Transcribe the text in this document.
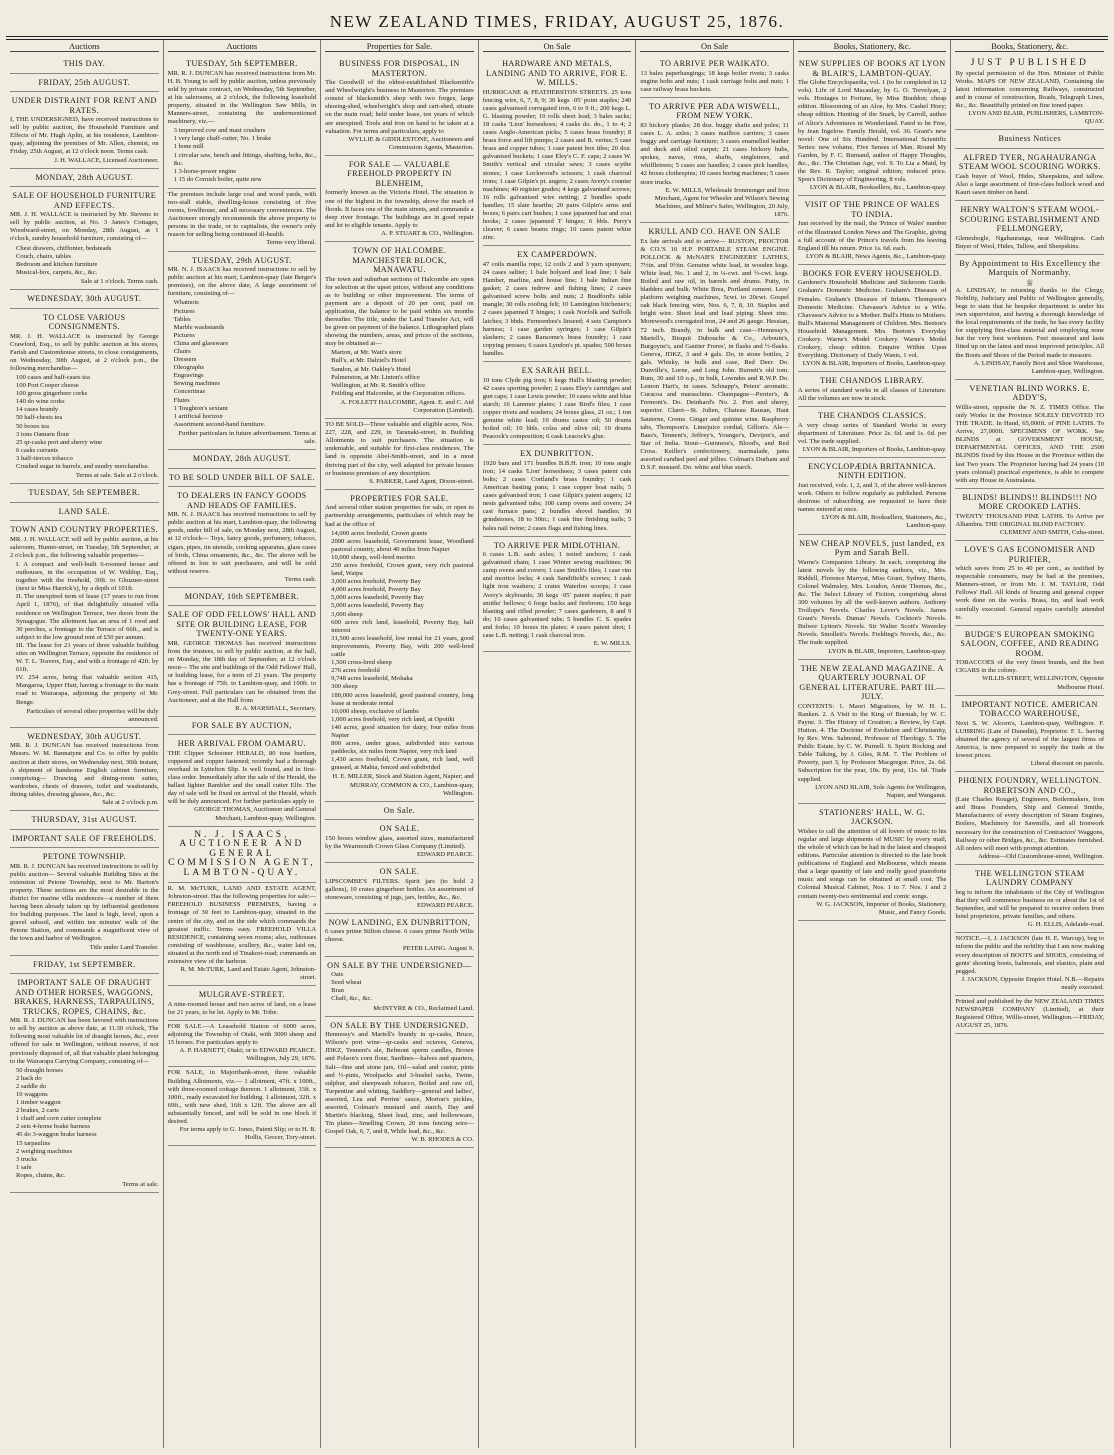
NEW ZEALAND TIMES, FRIDAY, AUGUST 25, 1876.
Auctions
THIS DAY.
FRIDAY, 25th AUGUST.
UNDER DISTRAINT FOR RENT AND RATES.
I, THE UNDERSIGNED, have received instructions to sell by public auction, the Household Furniture and Effects of Mr. Hugh Aplin, at his residence, Lambton-quay, adjoining the premises of Mr. Allen, chemist, on Friday, 25th August, at 12 o'clock noon. Terms cash.
J. H. WALLACE, Licensed Auctioneer.
MONDAY, 28th AUGUST.
SALE OF HOUSEHOLD FURNITURE AND EFFECTS.
MR. J. H. WALLACE is instructed by Mr. Stevens to sell by public auction, at No. 3 Janes's Cottages, Woodward-street, on Monday, 28th August, at 1 o'clock, sundry household furniture, consisting of—
Chest drawers, chiffonier, bedsteads
Couch, chairs, tables
Bedroom and kitchen furniture
Musical-box, carpets, &c., &c.
Sale at 1 o'clock. Terms cash.
WEDNESDAY, 30th AUGUST.
TO CLOSE VARIOUS CONSIGNMENTS.
MR. J. H. WALLACE is instructed by George Crawford, Esq., to sell by public auction at his stores, Farish and Customhouse streets, to close consignments, on Wednesday, 30th August, at 2 o'clock p.m., the following merchandise—
100 cases and half-cases tea
100 Port Cooper cheese
100 gross gingerbeer corks
140 do wine corks
14 cases brandy
50 half-chests tea
50 boxes tea
3 tons Oamaru flour
25 qr-casks port and sherry wine
6 casks currants
3 half-tierces tobacco
Crushed sugar in barrels, and sundry merchandise.
Terms at sale. Sale at 2 o'clock.
TUESDAY, 5th SEPTEMBER.
LAND SALE.
TOWN AND COUNTRY PROPERTIES.
MR. J. H. WALLACE will sell by public auction, at his saleroom, Hunter-street, on Tuesday, 5th September, at 2 o'clock p.m., the following valuable properties—
I. A compact and well-built 6-roomed house and outhouses, in the occupation of W. Widdop, Esq., together with the freehold, 30ft. to Ghuznee-street (next to Miss Harrick's), by a depth of 101ft.
II. The unexpired term of lease (17 years to run from April 1, 1876), of that delightfully situated villa residence on Wellington Terrace, two doors from the Synagogue. The allotment has an area of 1 rood and 30 perches, a frontage to the Terrace of 66ft., and is subject to the low ground rent of £50 per annum.
III. The lease for 21 years of three valuable building sites on Wellington Terrace, opposite the residence of W. T. L. Travers, Esq., and with a frontage of 42ft. by 61ft.
IV. 254 acres, being that valuable section 415, Mangaroa, Upper Hutt, having a frontage to the main road to Wairarapa, adjoining the property of Mr. Benge.
Particulars of several other properties will be duly announced.
WEDNESDAY, 30th AUGUST.
MR. R. J. DUNCAN has received instructions from Messrs. W. M. Bannatyne and Co. to offer by public auction at their stores, on Wednesday next, 30th instant, A shipment of handsome English cabinet furniture, comprising— Drawing and dining-room suites, wardrobes, chests of drawers, toilet and washstands, dining tables, dressing glasses, &c., &c.
Sale at 2 o'clock p.m.
THURSDAY, 31st AUGUST.
IMPORTANT SALE OF FREEHOLDS.
PETONE TOWNSHIP.
MR. R. J. DUNCAN has received instructions to sell by public auction— Several valuable Building Sites at the extension of Petone Township, next to Mr. Barton's property. These sections are the most desirable in the district for marine villa residences—a number of them having been already taken up by influential gentlemen for building purposes. The land is high, level, upon a gravel subsoil, and within ten minutes' walk of the Petone Station, and commands a magnificent view of the town and harbor of Wellington.
Title under Land Transfer.
FRIDAY, 1st SEPTEMBER.
IMPORTANT SALE OF DRAUGHT AND OTHER HORSES, WAGGONS, BRAKES, HARNESS, TARPAULINS, TRUCKS, ROPES, CHAINS, &c.
MR. R. J. DUNCAN has been favored with instructions to sell by auction as above date, at 11.30 o'clock, The following most valuable lot of draught horses, &c., ever offered for sale in Wellington, without reserve, if not previously disposed of, all that valuable plant belonging to the Wairarapa Carrying Company, consisting of—
50 draught horses
2 hack do
2 saddle do
10 waggons
1 timber waggon
2 brakes, 2 carts
1 chaff and corn cutter complete
2 sets 4-horse brake harness
45 do 3-waggon brake harness
15 tarpaulins
2 weighing machines
3 trucks
1 safe
Ropes, chains, &c.
Terms at sale.
Auctions
TUESDAY, 5th SEPTEMBER.
MR. R. J. DUNCAN has received instructions from Mr. H. B. Young to sell by public auction, unless previously sold by private contract, on Wednesday, 5th September, at his salerooms, at 2 o'clock, the following leasehold property, situated in the Wellington Saw Mills, in Manners-street, containing the undermentioned machinery, viz.—
3 improved cow and mast crushers
1 very large chaff-cutter, No. 1 brake
1 bone mill
1 circular saw, bench and fittings, shafting, belts, &c., &c.
1 3-horse-power engine
1 15 do Cornish boiler, quite new
The premises include large coal and wood yards, with two-stall stable, dwelling-house consisting of five rooms, fowlhouse, and all necessary conveniences. The Auctioneer strongly recommends the above property to persons in the trade, or to capitalists, the owner's only reason for selling being continued ill-health.
Terms very liberal.
TUESDAY, 29th AUGUST.
MR. N. J. ISAACS has received instructions to sell by public auction at his mart, Lambton-quay (late Berger's premises), on the above date, A large assortment of furniture, consisting of—
Whatnots
Pictures
Tables
Marble washstands
Pictures
China and glassware
Chairs
Dressers
Oleographs
Engravings
Sewing machines
Concertinas
Flutes
1 Toughton's sextant
1 artificial horizon
Assortment second-hand furniture.
Further particulars in future advertisement. Terms at sale.
MONDAY, 28th AUGUST.
TO BE SOLD UNDER BILL OF SALE.
TO DEALERS IN FANCY GOODS AND HEADS OF FAMILIES.
MR. N. J. ISAACS has received instructions to sell by public auction at his mart, Lambton-quay, the following goods, under bill of sale, on Monday next, 28th August, at 12 o'clock— Toys, fancy goods, perfumery, tobacco, cigars, pipes, tin utensils, cooking apparatus, glass cases of birds, China ornaments, &c., &c. The above will be offered in lots to suit purchasers, and will be sold without reserve.
Terms cash.
MONDAY, 10th SEPTEMBER.
SALE OF ODD FELLOWS' HALL AND SITE OR BUILDING LEASE, FOR TWENTY-ONE YEARS.
MR. GEORGE THOMAS has received instructions from the trustees, to sell by public auction, at the hall, on Monday, the 18th day of September, at 12 o'clock noon— The site and buildings of the Odd Fellows' Hall, or building lease, for a term of 21 years. The property has a frontage of 75ft. to Lambton-quay, and 100ft. to Grey-street. Full particulars can be obtained from the Auctioneer, and at the Hall from
R. A. MARSHALL, Secretary.
FOR SALE BY AUCTION,
HER ARRIVAL FROM OAMARU.
THE Clipper Schooner HERALD, 80 tons burthen, coppered and copper fastened; recently had a thorough overhaul in Lyttelton Slip. Is well found, and in first-class order. Immediately after the sale of the Herald, the ballast lighter Rambler and the small cutter Elfe. The day of sale will be fixed on arrival of the Herald, which will be duly announced. For further particulars apply to
GEORGE THOMAS, Auctioneer and General Merchant, Lambton-quay, Wellington.
N. J. ISAACS, AUCTIONEER AND GENERAL COMMISSION AGENT, LAMBTON-QUAY.
R. M. McTURK, LAND AND ESTATE AGENT, Johnston-street. Has the following properties for sale:— FREEHOLD BUSINESS PREMISES, having a frontage of 30 feet to Lambton-quay, situated in the centre of the city, and on the side which commands the greatest traffic. Terms easy. FREEHOLD VILLA RESIDENCE, containing seven rooms; also, outhouses consisting of washhouse, scullery, &c., water laid on, situated at the north end of Tinakori-road; commands an extensive view of the harbour.
R. M. McTURK, Land and Estate Agent, Johnston-street.
MULGRAVE-STREET.
A nine-roomed house and two acres of land, on a lease for 21 years, to be let. Apply to Mr. Tribe.
FOR SALE.—A Leasehold Station of 6000 acres, adjoining the Township of Otaki, with 3000 sheep and 15 horses. For particulars apply to
A. P. HARNETT, Otaki; or to EDWARD PEARCE. Wellington, July 29, 1876.
FOR SALE, in Majoribank-street, three valuable Building Allotments, viz.— 1 allotment, 47ft. x 100ft., with three-roomed cottage thereon. 1 allotment, 33ft. x 100ft., ready excavated for building. 1 allotment, 32ft. x 69ft., with new shed, 16ft x 12ft. The above are all substantially fenced, and will be sold in one block if desired.
For terms apply to G. Jones, Patent Slip; or to H. B. Hollis, Grocer, Tory-street.
Properties for Sale.
BUSINESS FOR DISPOSAL, IN MASTERTON.
The Goodwill of the oldest-established Blacksmith's and Wheelwright's business in Masterton. The premises consist of blacksmith's shop with two forges, large shoeing-shed, wheelwright's shop and cart-shed, situate on the main road; held under lease, ten years of which are unexpired. Tools and iron on hand to be taken at a valuation. For terms and particulars, apply to
WYLLIE & GIDDLESTONE, Auctioneers and Commission Agents, Masterton.
FOR SALE — VALUABLE FREEHOLD PROPERTY IN BLENHEIM,
formerly known as the Victoria Hotel. The situation is one of the highest in the township, above the reach of floods. It faces one of the main streets, and commands a deep river frontage. The buildings are in good repair and let to eligible tenants. Apply to
A. P. STUART & CO., Wellington.
TOWN OF HALCOMBE. MANCHESTER BLOCK, MANAWATU.
The town and suburban sections of Halcombe are open for selection at the upset prices, without any conditions as to building or other improvement. The terms of payment are a deposit of 20 per cent, paid on application, the balance to be paid within six months thereafter. The title, under the Land Transfer Act, will be given on payment of the balance. Lithographed plans showing the numbers, areas, and prices of the sections, may be obtained at—
Marton, at Mr. Watt's store
Bull's, at Mr. Dalziel's Hotel
Sandon, at Mr. Oakley's Hotel
Palmerston, at Mr. Linton's office
Wellington, at Mr. R. Smith's office
Feilding and Halcombe, at the Corporation offices.
A. FOLLETT HALCOMBE, Agent. E. and C. Aid Corporation (Limited).
TO BE SOLD—Three valuable and eligible acres, Nos. 227, 228, and 229, in Taranaki-street, in Building Allotments to suit purchasers. The situation is undeniable, and suitable for first-class residences. The land is opposite Abel-Smith-street, and in a most thriving part of the city, well adapted for private houses or business premises of any description.
S. PARKER, Land Agent, Dixon-street.
PROPERTIES FOR SALE.
And several other station properties for sale, or open to partnership arrangements, particulars of which may be had at the office of
14,000 acres freehold, Crown grants
2000 acres leasehold, Government lease, Woodland pastoral country, about 40 miles from Napier
10,000 sheep, well-bred merino
250 acres freehold, Crown grant, very rich pastoral land, Waipu
3,000 acres freehold, Poverty Bay
4,000 acres freehold, Poverty Bay
5,000 acres leasehold, Poverty Bay
5,000 acres leasehold, Poverty Bay
3,000 sheep
600 acres rich land, leasehold, Poverty Bay, half interest
31,500 acres leasehold, low rental for 21 years, good improvements, Poverty Bay, with 200 well-bred cattle
1,500 cross-bred sheep
276 acres freehold
9,748 acres leasehold, Mohaka
300 sheep
180,000 acres leasehold, good pastoral country, long lease at moderate rental
10,000 sheep, exclusive of lambs
1,000 acres freehold, very rich land, at Opotiki
140 acres, good situation for dairy, four miles from Napier
800 acres, under grass, subdivided into various paddocks, six miles from Napier, very rich land
1,430 acres freehold, Crown grant, rich land, well grassed, at Mahia, fenced and subdivided
H. E. MILLER, Stock and Station Agent, Napier; and MURRAY, COMMON & CO., Lambton-quay, Wellington.
On Sale.
ON SALE.
150 boxes window glass, assorted sizes, manufactured by the Wearmouth Crown Glass Company (Limited).
EDWARD PEARCE.
ON SALE.
LIPSCOMBE'S FILTERS. Spirit jars (to hold 2 gallons), 10 crates gingerbeer bottles. An assortment of stoneware, consisting of jugs, jars, bottles, &c., &c.
EDWARD PEARCE.
NOW LANDING, EX DUNBRITTON,
6 cases prime Stilton cheese. 6 cases prime North Wilts cheese.
PETER LAING. August 9.
ON SALE BY THE UNDERSIGNED—
Oats
Seed wheat
Bran
Chaff, &c., &c.
McINTYRE & CO., Reclaimed Land.
ON SALE BY THE UNDERSIGNED.
Hennessy's and Martell's brandy in qr-casks, Bruce, Wilson's port wine—qr-casks and octaves, Geneva, JDKZ, Tennent's ale, Belmont sperm candles, Brown and Polson's corn flour, Sardines—halves and quarters, Salt—fine and stone jars, Oil—salad and castor, pints and ½-pints, Woolpacks and 3-bushel sacks, Twine, sulphur, and sheepwash tobacco, Boiled and raw oil, Turpentine and whiting, Saddlery—general and ladies', assorted, Lea and Perrins' sauce, Morton's pickles, assorted, Colman's mustard and starch, Day and Martin's blacking, Sheet lead, zinc, and hollowware, Tin plates—Smelling Crown, 20 tons fencing wire—Gospel Oak, 6, 7, and 8, While lead, &c., &c.
W. B. RHODES & CO.
On Sale
HARDWARE AND METALS, LANDING AND TO ARRIVE, FOR E. W. MILLS.
HURRICANE & FEATHERSTON STREETS. 25 tons fencing wire, 6, 7, 8, 9; 30 kegs ·05' point staples; 240 cases galvanised corrugated iron, 6 to 9 ft.; 200 kegs L. G. blasting powder; 10 rolls sheet lead; 3 bales sacks; 18 casks 'Lion' horseshoes; 4 casks do. do., 1 to 4; 2 cases Anglo-American picks; 5 cases brass foundry; 8 brass force and lift pumps; 2 cases and B. vertus; 5 case brass and copper tubes; 1 case patent box tiles; 20 doz. galvanised buckets; 1 case Eley's C. F. caps; 2 cases W. Smith's vertical and circular saws; 3 cases scythe stones; 1 case Lockwood's scissors; 1 cask charcoal irons; 1 case Gilpin's pt. augers; 2 cases Avery's counter machines; 40 register grades; 4 kegs galvanised screws; 16 rolls galvanised wire netting; 2 bundles spade handles; 15 slate hearths; 20 pairs Gilpin's arms and boxes; 6 pairs cart bushes; 1 case japanned hat and coat hooks; 2 cases japanned T hinges; 6 bbls. Perry's cleaver; 6 cases beams rings; 10 cases patent white zinc.
EX CAMPERDOWN.
47 coils manilla rope; 12 coils 2 and 3 yarn spunyarn; 24 cases saltier; 1 bale holyard and lead line; 1 bale Hamber, marline, and house line; 1 bale Indian fine gasket; 2 cases tedrow and fishing lines; 2 cases galvanised screw bolts and nuts; 2 Bradford's table mangle; 30 rolls roofing felt; 10 Lamington bitchener's; 2 cases japanned T hinges; 1 cask Norfolk and Suffolk latches; 3 bbds. Fernoenbes's linseed; 4 sets Campion's harness; 1 case garden syringes; 1 case Gilpin's slashers; 2 cases Ransome's brass foundry; 1 case copying presses; 6 cases Lyndon's pt. spades; 500 boxes handles.
EX SARAH BELL.
10 tons Clyde pig iron; 6 kegs Hall's blasting powder; 42 cases sporting powder; 2 cases Eley's cartridges and gun caps; 1 case Lewis powder; 10 cases white and blue starch; 16 Lammor plates; 1 case Bird's files; 1 case copper rivets and washers; 24 boxes glass, 21 oz.; 1 ton genuine white lead; 10 drums castor oil; 50 drums boiled oil; 10 bbls. colza and olive oil; 10 drums Peacock's composition; 6 cask Leacock's glue.
EX DUNBRITTON.
1920 bars and 171 bundles B.B.H. iron; 10 tons angle iron; 14 casks 'Lion' horseshoes; 3 cases patent cuts bolts; 2 cases Cortland's brass foundry; 1 cask American basting pans; 1 case copper boat nails; 5 cases galvanised iron; 1 case Gilpin's patent augers; 12 nests galvanised tubs; 100 camp ovens and covers; 24 cast furnace pans; 2 bundles shovel handles; 30 grindstones, 18 to 30in.; 1 cask fine finishing nails; 5 bales nail twine; 2 cases flags and fishing lines.
TO ARRIVE PER MIDLOTHIAN.
6 cases L.B. sash axles; 1 tested anchors; 1 cask galvanised chain; 1 case Winter sewing machines; 96 camp ovens and covers; 1 case Smith's files; 1 case rim and mortice locks; 4 cask Sandifield's screws; 1 cask light iron washers; 2 crates Waterloo scoops; 1 case Avery's skyboards; 30 kegs ·05' patent staples; 8 pair smiths' bellows; 6 forge backs and firebrons; 150 kegs blasting and rifled powder; 7 cases gardeners, 8 and 9 do; 10 cases galvanised tubs; 5 bundles C. S. spades and forks; 10 boxes tin plates; 4 cases patent shot; 1 case L.B. netting; 1 cask charcoal iron.
E. W. MILLS.
On Sale
TO ARRIVE PER WAIKATO.
13 bales paperhangings; 18 kegs boiler rivets; 3 casks engine bolts and nuts; 1 cask carriage bolts and nuts; 1 case railway brass buckets.
TO ARRIVE PER ADA WISWELL, FROM NEW YORK.
83 hickory planks; 28 doz. buggy shafts and poles; 11 cases L. A. axles; 3 cases mailbox carriers; 3 cases buggy and carriage furniture; 3 cases enamelled leather and duck and oiled carpet; 21 cases hickory hubs, spokes, naves, rims, shafts, singletrees, and whiffletrees; 5 cases axe handles; 2 cases pick handles; 42 boxes clothespins; 10 cases boring machines; 5 cases store trucks.
E. W. MILLS, Wholesale Ironmonger and Iron Merchant, Agent for Wheeler and Wilson's Sewing Machines, and Milner's Safes, Wellington, 20 July, 1876.
KRULL AND CO. HAVE ON SALE
Ex late arrivals and to arrive— RUSTON, PROCTOR & CO.'S 10 H.P. PORTABLE STEAM ENGINE. POLLOCK & McNAB'S ENGINEERS' LATHES, 7½in. and 9½in. Genuine white lead, in wooden kegs. White lead, No. 1 and 2, in ¼-cwt. and ½-cwt. kegs. Boiled and raw oil, in barrels and drums. Putty, in bladders and bulk. White Brea, Portland cement. Lees' platform weighing machines, 5cwt. to 20cwt. Gospel oak black fencing wire, Nos. 6, 7, 8, 10. Staples and bright wire. Sheet lead and lead piping. Sheet zinc. Morewood's corrugated iron, 24 and 26 gauge. Hessian, 72 inch. Brandy, in bulk and case—Hennessy's, Martell's, Bisquit Dubouche & Co., Arbouin's, Burgoyne's, and Gautier Freres', in flasks and ½-flasks. Geneva, JDKZ, 3 and 4 gals. Do, in stone bottles, 2 gals. Whisky, in bulk and case, Red Deer. Do. Dunville's, Lorne, and Long John. Burnett's old tom. Rum, 30 and 10 o.p., in bulk, Lowndes and R.W.P. Do. Lemon Hart's, in cases. Schnapp's, Peters' aromatic. Curacoa and maraschino. Champagne—Perrier's, & Fremont's. Do. Deinhard's No. 2. Port and sherry, superior. Claret—St. Julien, Chateau Rausan, Haut Sauterne, Creme. Ginger and quinine wine. Raspberry tabs, Thompson's. Limejuice cordial, Gillon's. Ale—Bass's, Tennent's, Jeffrey's, Younger's, Devijon's, and Star of India. Stout—Guinness's, Blood's, and Red Cross. Keiller's confectionery, marmalade, jams assorted candied peel and jellies. Colman's Durham and D.S.F. mustard. Do. white and blue starch.
Books, Stationery, &c.
NEW SUPPLIES OF BOOKS AT LYON & BLAIR'S, LAMBTON-QUAY.
The Globe Encyclopaedia, vol. 1 (to be completed in 12 vols). Life of Lord Macaulay, by G. O. Trevelyan, 2 vols. Hostages to Fortune, by Miss Braddon; cheap edition. Blossoming of an Aloe, by Mrs. Cashel Hoey; cheap edition. Hunting of the Snark, by Carroll, author of Alice's Adventures in Wonderland. Fated to be Free, by Jean Ingelow. Family Herald, vol. 36. Grant's new novel: One of Six Hundred. International Scientific Series: new volume, Five Senses of Man. Round My Garden, by F. C. Burnand, author of Happy Thoughts, &c., &c. The Christian Age, vol. 9. To Lia a Maid, by the Rev. R. Taylor; original edition; reduced price. Spon's Dictionary of Engineering, 8 vols.
LYON & BLAIR, Booksellers, &c., Lambton-quay.
VISIT OF THE PRINCE OF WALES TO INDIA.
Just received by the mail, the 'Prince of Wales' number of the Illustrated London News and The Graphic, giving a full account of the Prince's travels from his leaving England till his return. Price 1s. 6d. each.
LYON & BLAIR, News Agents, &c., Lambton-quay.
BOOKS FOR EVERY HOUSEHOLD.
Gardener's Household Medicine and Sickroom Guide. Graham's Domestic Medicine. Graham's Diseases of Females. Graham's Diseases of Infants. Thompson's Domestic Medicine. Chavasse's Advice to a Wife. Chavasse's Advice to a Mother. Bull's Hints to Mothers. Bull's Maternal Management of Children. Mrs. Beeton's Household Management. Mrs. Beeton's Everyday Cookery. Warne's Model Cookery. Warne's Model Cookery, cheap edition. Enquire Within Upon Everything. Dictionary of Daily Wants, 1 vol.
LYON & BLAIR, Importers of Books, Lambton-quay.
THE CHANDOS LIBRARY.
A series of standard works in all classes of Literature. All the volumes are now in stock.
THE CHANDOS CLASSICS.
A very cheap series of Standard Works in every department of Literature. Price 2s. 6d. and 1s. 6d. per vol. The trade supplied.
LYON & BLAIR, Importers of Books, Lambton-quay.
ENCYCLOPÆDIA BRITANNICA. NINTH EDITION.
Just received, vols. 1, 2, and 3, of the above well-known work. Others to follow regularly as published. Persons desirous of subscribing are requested to have their names entered at once.
LYON & BLAIR, Booksellers, Stationers, &c., Lambton-quay.
NEW CHEAP NOVELS, just landed, ex Pym and Sarah Bell.
Warne's Companion Library. In each, comprising the latest novels by the following authors, viz., Mrs. Riddell, Florence Marryat, Miss Grant, Sydney Harris, Colonel Walmsley, Mrs. Loudon, Annie Thomas, &c., &c. The Select Library of Fiction, comprising about 300 volumes by all the well-known authors. Anthony Trollope's Novels. Charles Lever's Novels. James Grant's Novels. Dumas' Novels. Cockton's Novels. Bulwer Lytton's Novels. Sir Walter Scott's Waverley Novels. Smollett's Novels. Fielding's Novels, &c., &c. The trade supplied.
LYON & BLAIR, Importers, Lambton-quay.
THE NEW ZEALAND MAGAZINE. A QUARTERLY JOURNAL OF GENERAL LITERATURE. PART III.—JULY.
CONTENTS: 1. Maori Migrations, by W. H. L. Ranken. 2. A Visit to the King of Burmah, by W. C. Payne. 3. The History of Creation; a Review, by Capt. Hutton. 4. The Doctrine of Evolution and Christianity, by Rev. Wm. Salmond, Professor of Theology. 5. The Public Estate, by C. W. Purnell. 6. Spirit Rocking and Table Talking, by J. Giles, R.M. 7. The Problem of Poverty, part 3, by Professor Macgregor. Price, 2s. 6d. Subscription for the year, 10s. By post, 11s. 6d. Trade supplied.
LYON AND BLAIR, Sole Agents for Wellington, Napier, and Wanganui.
STATIONERS' HALL, W. G. JACKSON.
Wishes to call the attention of all lovers of music to his regular and large shipments of MUSIC by every mail, the whole of which can be had in the latest and cheapest editions. Particular attention is directed to the late book publications of England and Melbourne, which means that a large quantity of late and really good pianoforte music and songs can be obtained at small cost. The Colonial Musical Cabinet, Nos. 1 to 7. Nos. 1 and 2 contain twenty-two sentimental and comic songs.
W. G. JACKSON, Importer of Books, Stationery, Music, and Fancy Goods.
Books, Stationery, &c.
JUST PUBLISHED
By special permission of the Hon. Minister of Public Works. MAPS OF NEW ZEALAND, Containing the latest information concerning Railways, constructed and in course of construction, Roads, Telegraph Lines, &c., &c. Beautifully printed on fine toned paper.
LYON AND BLAIR, PUBLISHERS, LAMBTON-QUAY.
Business Notices
ALFRED TYER, NGAHAURANGA STEAM WOOL SCOURING WORKS.
Cash buyer of Wool, Hides, Sheepskins, and tallow. Also a large assortment of first-class bullock wood and Kauri sawn timber on hand.
HENRY WALTON'S STEAM WOOL-SCOURING ESTABLISHMENT AND FELLMONGERY,
Glenesbogle, Ngahauranga, near Wellington. Cash Buyer of Wool, Hides, Tallow, and Sheepskins.
By Appointment to His Excellency the Marquis of Normanby.
♕
A. LINDSAY, in returning thanks to the Clergy, Nobility, Judiciary and Public of Wellington generally, begs to state that he bespoke department is under his own supervision, and having a thorough knowledge of the local requirements of the trade, he has every facility for supplying first-class material and employing none but the very best workmen. Feet measured and lasts fitted up on the latest and most improved principles. All the Boots and Shoes of the Period made to measure.
A. LINDSAY, Family Boot and Shoe Warehouse, Lambton-quay, Wellington.
VENETIAN BLIND WORKS. E. ADDY'S,
Willis-street, opposite the N. Z. TIMES Office. The only Works in the Province SOLELY DEVOTED TO THE TRADE. In Hand, 65,000ft. of PINE LATHS. To Arrive, 27,000ft. SPECIMENS OF WORK. See BLINDS at GOVERNMENT HOUSE, DEPARTMENTAL OFFICES, AND THE 2500 BLINDS fixed by this House in the Province within the last Two years. The Proprietor having had 24 years (10 years colonial) practical experience, is able to compete with any House in Australasia.
BLINDS! BLINDS!! BLINDS!!! NO MORE CROOKED LATHS.
TWENTY THOUSAND PINE LATHS. To Arrive per Alhambra. THE ORIGINAL BLIND FACTORY.
CLEMENT AND SMITH, Cuba-street.
LOVE'S GAS ECONOMISER AND PURIFIER,
which saves from 25 to 40 per cent., as testified by respectable consumers, may be had at the premises, Manners-street, or from Mr. J. M. TAYLOR, Odd Fellows' Hall. All kinds of brazing and general copper work done on the works. Brass, tin, and lead work carefully executed. General repairs carefully attended to.
BUDGE'S EUROPEAN SMOKING SALOON, COFFEE, AND READING ROOM.
TOBACCOES of the very finest brands, and the best CIGARS in the colony.
WILLIS-STREET, WELLINGTON, Opposite Melbourne Hotel.
IMPORTANT NOTICE. AMERICAN TOBACCO WAREHOUSE,
Next S. W. Alcorn's, Lambton-quay, Wellington. F. LUHRING (Late of Dunedin), Proprietor. F. L. having obtained the agency of several of the largest firms of America, is now prepared to supply the trade at the lowest prices.
Liberal discount on parcels.
PHŒNIX FOUNDRY, WELLINGTON. ROBERTSON AND CO.,
(Late Charles Rouget), Engineers, Boilermakers, Iron and Brass Founders, Ship and General Smiths, Manufacturers of every description of Steam Engines, Boilers, Machinery for Sawmills, and all Ironwork necessary for the construction of Contractors' Waggons, Railway or other Bridges, &c., &c. Estimates furnished. All orders will meet with prompt attention.
Address—Old Customhouse-street, Wellington.
THE WELLINGTON STEAM LAUNDRY COMPANY
beg to inform the inhabitants of the City of Wellington that they will commence business on or about the 1st of September, and will be prepared to receive orders from hotel proprietors, private families, and others.
G. H. ELLIS, Adelaide-road.
NOTICE.—I, J. JACKSON (late H. E. Warcup), beg to inform the public and the nobility that I am now making every description of BOOTS and SHOES, consisting of gents' shooting boots, balmorals, and elastics, plain and pegged.
J. JACKSON, Opposite Empire Hotel. N.B.—Repairs neatly executed.
Printed and published by the NEW ZEALAND TIMES NEWSPAPER COMPANY (Limited), at their Registered Office, Willis-street, Wellington.—FRIDAY, AUGUST 25, 1876.
